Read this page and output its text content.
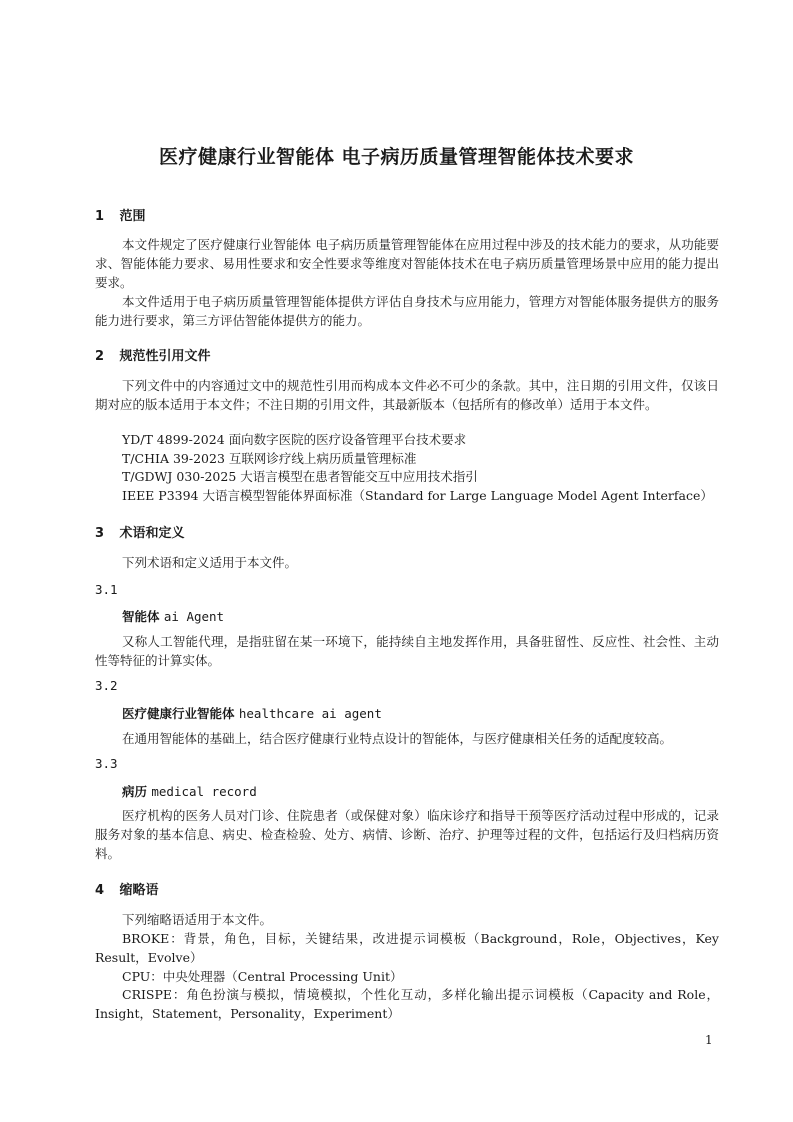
医疗健康行业智能体 电子病历质量管理智能体技术要求
1 范围
本文件规定了医疗健康行业智能体 电子病历质量管理智能体在应用过程中涉及的技术能力的要求，从功能要求、智能体能力要求、易用性要求和安全性要求等维度对智能体技术在电子病历质量管理场景中应用的能力提出要求。
本文件适用于电子病历质量管理智能体提供方评估自身技术与应用能力，管理方对智能体服务提供方的服务能力进行要求，第三方评估智能体提供方的能力。
2 规范性引用文件
下列文件中的内容通过文中的规范性引用而构成本文件必不可少的条款。其中，注日期的引用文件，仅该日期对应的版本适用于本文件；不注日期的引用文件，其最新版本（包括所有的修改单）适用于本文件。
YD/T 4899-2024 面向数字医院的医疗设备管理平台技术要求
T/CHIA 39-2023 互联网诊疗线上病历质量管理标准
T/GDWJ 030-2025 大语言模型在患者智能交互中应用技术指引
IEEE P3394 大语言模型智能体界面标准（Standard for Large Language Model Agent Interface）
3 术语和定义
下列术语和定义适用于本文件。
3.1
智能体 ai Agent
又称人工智能代理，是指驻留在某一环境下，能持续自主地发挥作用，具备驻留性、反应性、社会性、主动性等特征的计算实体。
3.2
医疗健康行业智能体 healthcare ai agent
在通用智能体的基础上，结合医疗健康行业特点设计的智能体，与医疗健康相关任务的适配度较高。
3.3
病历 medical record
医疗机构的医务人员对门诊、住院患者（或保健对象）临床诊疗和指导干预等医疗活动过程中形成的，记录服务对象的基本信息、病史、检查检验、处方、病情、诊断、治疗、护理等过程的文件，包括运行及归档病历资料。
4 缩略语
下列缩略语适用于本文件。
BROKE：背景，角色，目标，关键结果，改进提示词模板（Background，Role，Objectives，Key Result，Evolve）
CPU：中央处理器（Central Processing Unit）
CRISPE：角色扮演与模拟，情境模拟，个性化互动，多样化输出提示词模板（Capacity and Role，Insight，Statement，Personality，Experiment）
1
